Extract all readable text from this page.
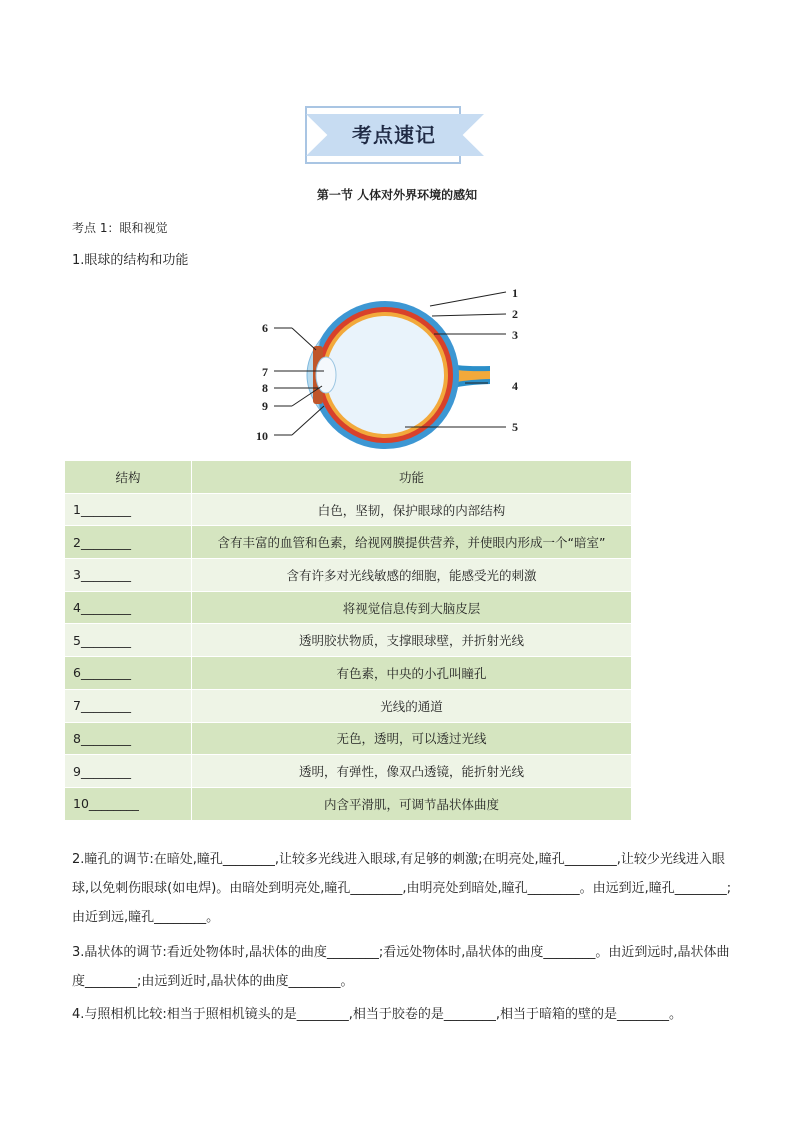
考点速记
第一节 人体对外界环境的感知
考点 1：眼和视觉
1.眼球的结构和功能
1
2
3
4
5
6
7
8
9
10
结构	功能
1________	白色，坚韧，保护眼球的内部结构
2________	含有丰富的血管和色素，给视网膜提供营养，并使眼内形成一个“暗室”
3________	含有许多对光线敏感的细胞，能感受光的刺激
4________	将视觉信息传到大脑皮层
5________	透明胶状物质，支撑眼球壁，并折射光线
6________	有色素，中央的小孔叫瞳孔
7________	光线的通道
8________	无色，透明，可以透过光线
9________	透明，有弹性，像双凸透镜，能折射光线
10________	内含平滑肌，可调节晶状体曲度
2.瞳孔的调节:在暗处,瞳孔________,让较多光线进入眼球,有足够的刺激;在明亮处,瞳孔________,让较少光线进入眼球,以免刺伤眼球(如电焊)。由暗处到明亮处,瞳孔________,由明亮处到暗处,瞳孔________。由远到近,瞳孔________;由近到远,瞳孔________。
3.晶状体的调节:看近处物体时,晶状体的曲度________;看远处物体时,晶状体的曲度________。由近到远时,晶状体曲度________;由远到近时,晶状体的曲度________。
4.与照相机比较:相当于照相机镜头的是________,相当于胶卷的是________,相当于暗箱的壁的是________。
